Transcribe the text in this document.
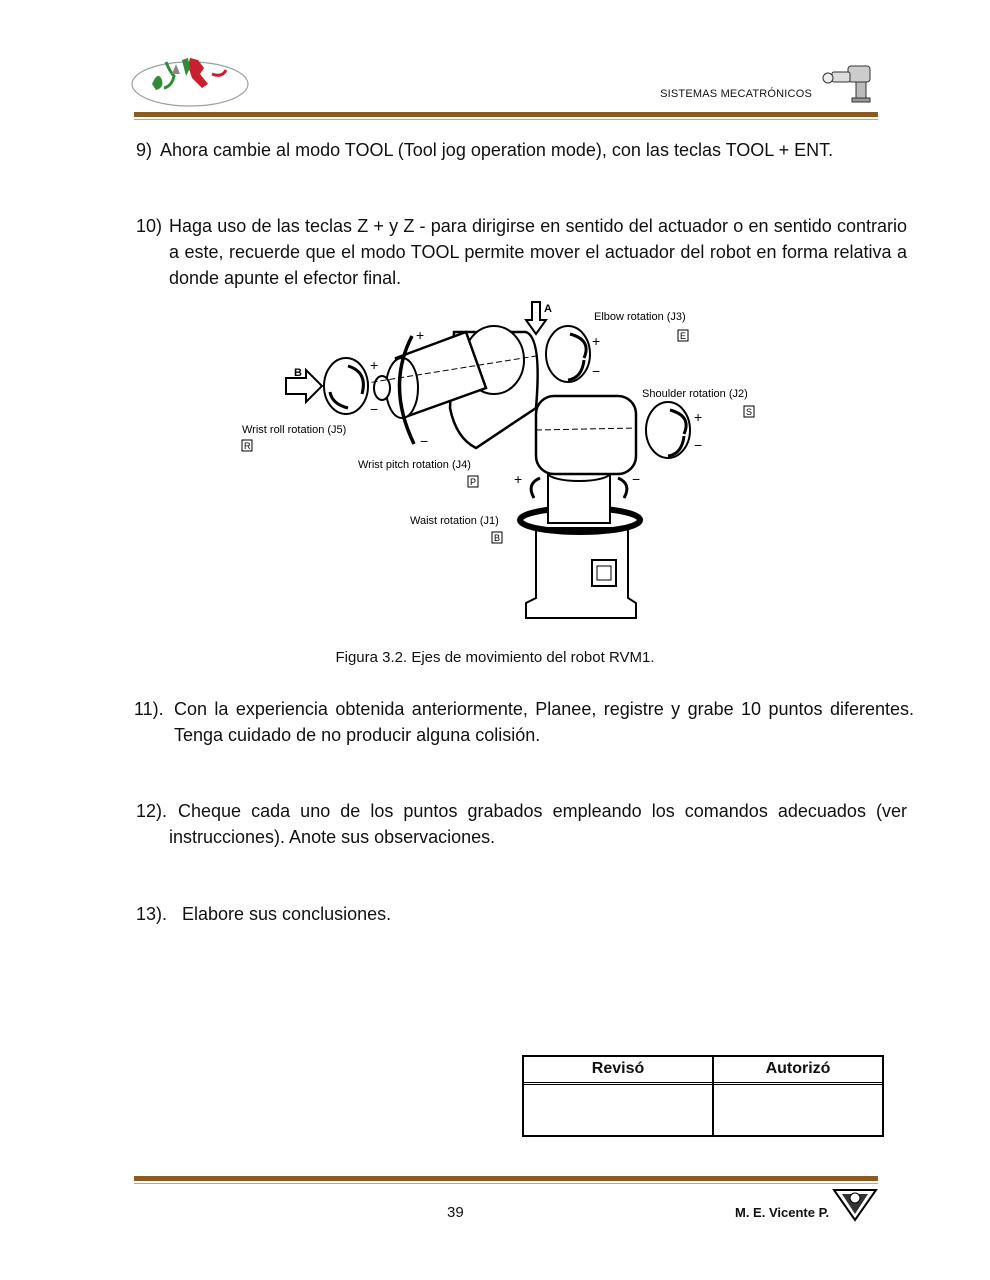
SISTEMAS MECATRÓNICOS
9) Ahora cambie al modo TOOL (Tool jog operation mode), con las teclas TOOL + ENT.
10) Haga uso de las teclas Z + y Z - para dirigirse en sentido del actuador o en sentido contrario a este, recuerde que el modo TOOL permite mover el actuador del robot en forma relativa a donde apunte el efector final.
B	+
−
Wrist roll rotation (J5)
R
+
−
Wrist pitch rotation (J4)
P
A
+
−
Elbow rotation (J3)
E
+
−
Shoulder rotation (J2)
S
+	−
Waist rotation (J1)
B
Figura 3.2. Ejes de movimiento del robot RVM1.
11). Con la experiencia obtenida anteriormente, Planee, registre y grabe 10 puntos diferentes. Tenga cuidado de no producir alguna colisión.
12). Cheque cada uno de los puntos grabados empleando los comandos adecuados (ver instrucciones). Anote sus observaciones.
13). Elabore sus conclusiones.
Revisó	Autorizó
39	M. E. Vicente P.
